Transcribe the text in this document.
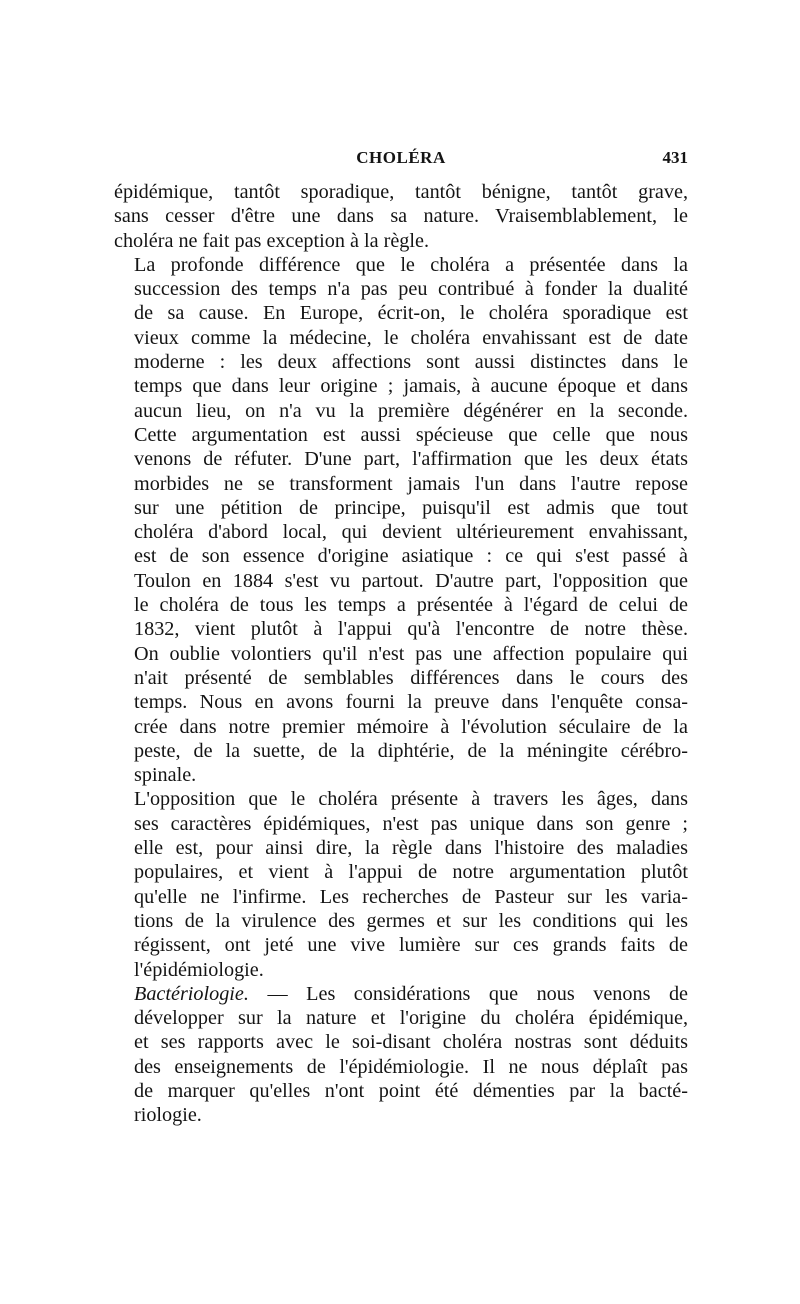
CHOLÉRA	431

épidémique, tantôt sporadique, tantôt bénigne, tantôt grave,
sans cesser d'être une dans sa nature. Vraisemblablement, le
choléra ne fait pas exception à la règle.

La profonde différence que le choléra a présentée dans la
succession des temps n'a pas peu contribué à fonder la dualité
de sa cause. En Europe, écrit-on, le choléra sporadique est
vieux comme la médecine, le choléra envahissant est de date
moderne : les deux affections sont aussi distinctes dans le
temps que dans leur origine ; jamais, à aucune époque et dans
aucun lieu, on n'a vu la première dégénérer en la seconde.
Cette argumentation est aussi spécieuse que celle que nous
venons de réfuter. D'une part, l'affirmation que les deux états
morbides ne se transforment jamais l'un dans l'autre repose
sur une pétition de principe, puisqu'il est admis que tout
choléra d'abord local, qui devient ultérieurement envahissant,
est de son essence d'origine asiatique : ce qui s'est passé à
Toulon en 1884 s'est vu partout. D'autre part, l'opposition que
le choléra de tous les temps a présentée à l'égard de celui de
1832, vient plutôt à l'appui qu'à l'encontre de notre thèse.
On oublie volontiers qu'il n'est pas une affection populaire qui
n'ait présenté de semblables différences dans le cours des
temps. Nous en avons fourni la preuve dans l'enquête consa-
crée dans notre premier mémoire à l'évolution séculaire de la
peste, de la suette, de la diphtérie, de la méningite cérébro-
spinale.

L'opposition que le choléra présente à travers les âges, dans
ses caractères épidémiques, n'est pas unique dans son genre ;
elle est, pour ainsi dire, la règle dans l'histoire des maladies
populaires, et vient à l'appui de notre argumentation plutôt
qu'elle ne l'infirme. Les recherches de Pasteur sur les varia-
tions de la virulence des germes et sur les conditions qui les
régissent, ont jeté une vive lumière sur ces grands faits de
l'épidémiologie.

Bactériologie. — Les considérations que nous venons de
développer sur la nature et l'origine du choléra épidémique,
et ses rapports avec le soi-disant choléra nostras sont déduits
des enseignements de l'épidémiologie. Il ne nous déplaît pas
de marquer qu'elles n'ont point été démenties par la bacté-
riologie.
